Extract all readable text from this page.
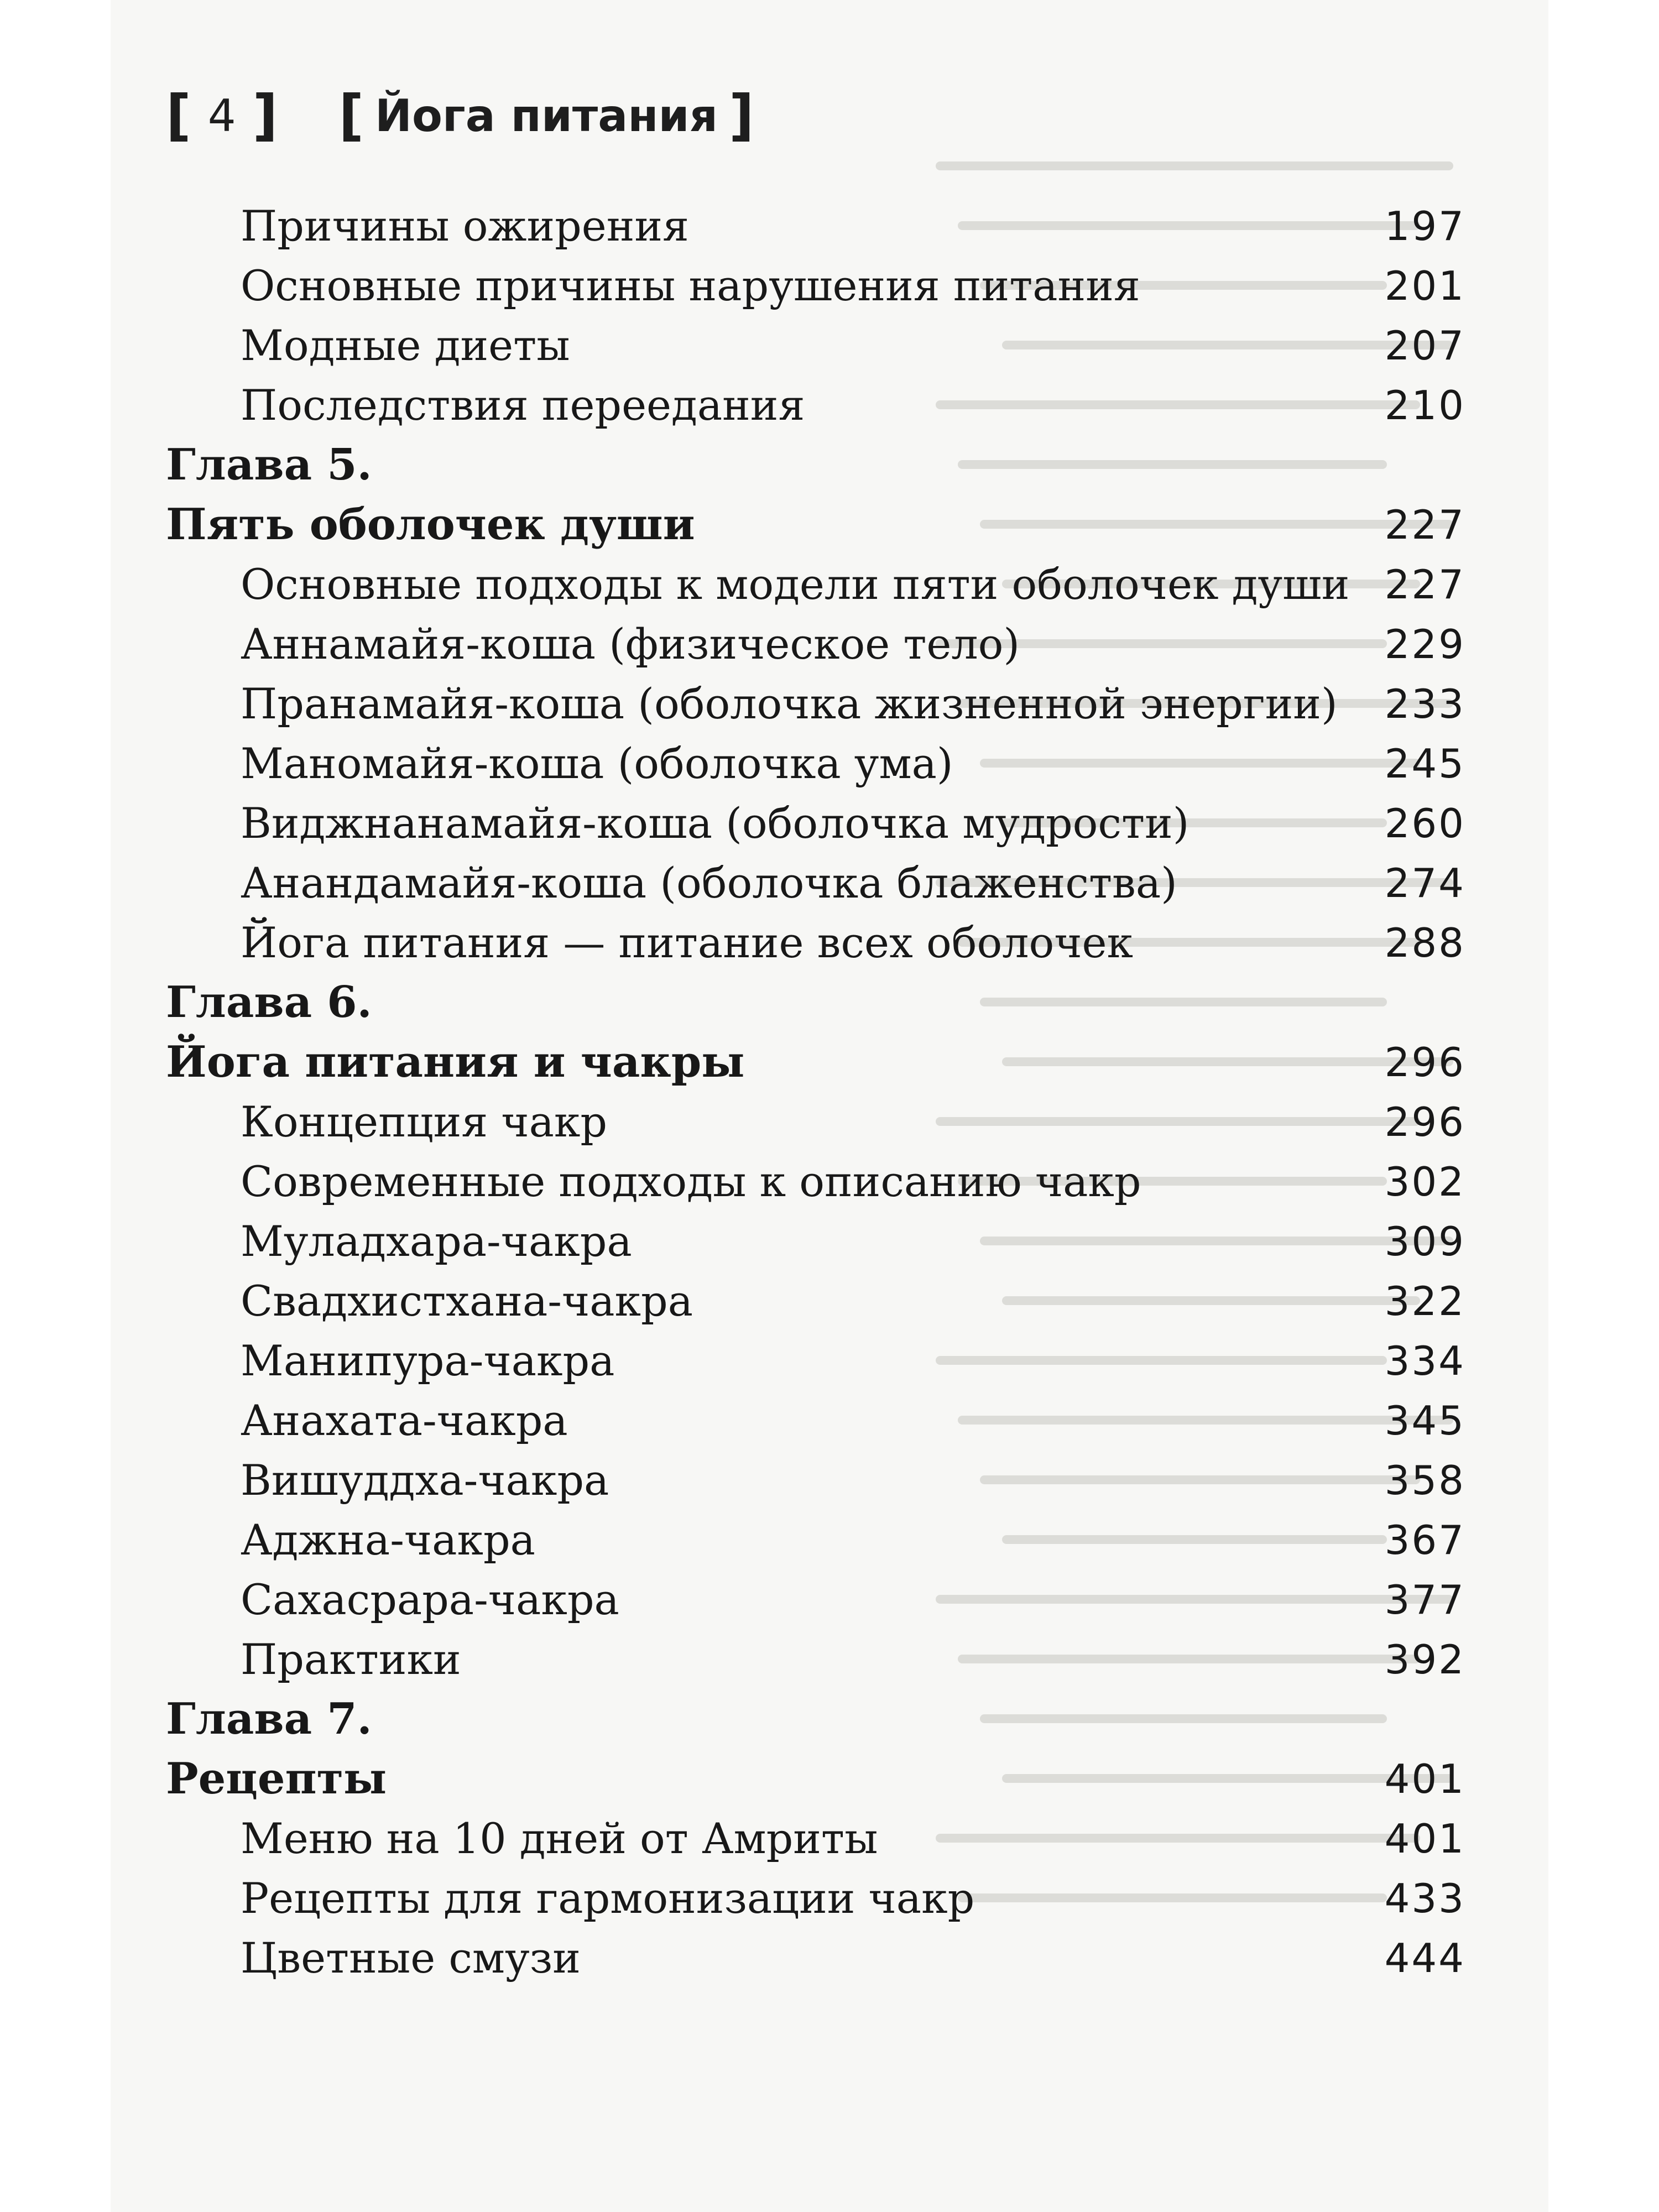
[ 4 ] [ Йога питания ]
Причины ожирения	197
Основные причины нарушения питания	201
Модные диеты	207
Последствия переедания	210
Глава 5.
Пять оболочек души	227
Основные подходы к модели пяти оболочек души 227
Аннамайя-коша (физическое тело)	229
Пранамайя-коша (оболочка жизненной энергии) 233
Маномайя-коша (оболочка ума)	245
Виджнанамайя-коша (оболочка мудрости)	260
Анандамайя-коша (оболочка блаженства)	274
Йога питания — питание всех оболочек	288
Глава 6.
Йога питания и чакры	296
Концепция чакр	296
Современные подходы к описанию чакр	302
Муладхара-чакра	309
Свадхистхана-чакра	322
Манипура-чакра	334
Анахата-чакра	345
Вишуддха-чакра	358
Аджна-чакра	367
Сахасрара-чакра	377
Практики	392
Глава 7.
Рецепты	401
Меню на 10 дней от Амриты	401
Рецепты для гармонизации чакр	433
Цветные смузи	444
